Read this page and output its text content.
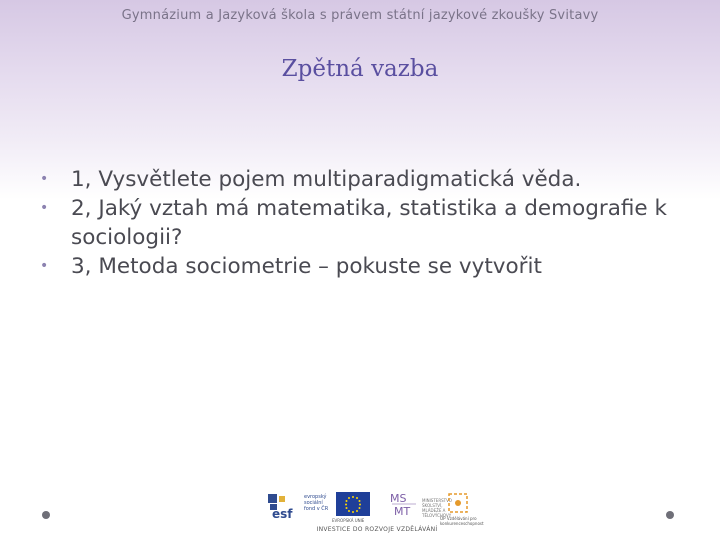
Gymnázium a Jazyková škola s právem státní jazykové zkoušky Svitavy
Zpětná vazba
• 1, Vysvětlete pojem multiparadigmatická věda.
• 2, Jaký vztah má matematika, statistika a demografie k sociologii?
• 3, Metoda sociometrie – pokuste se vytvořit
esf
evropský sociální fond v ČR
EVROPSKÁ UNIE
MS
MT
MINISTERSTVO ŠKOLSTVÍ, MLÁDEŽE A TĚLOVÝCHOVY
OP Vzdělávání pro konkurenceschopnost
INVESTICE DO ROZVOJE VZDĚLÁVÁNÍ
